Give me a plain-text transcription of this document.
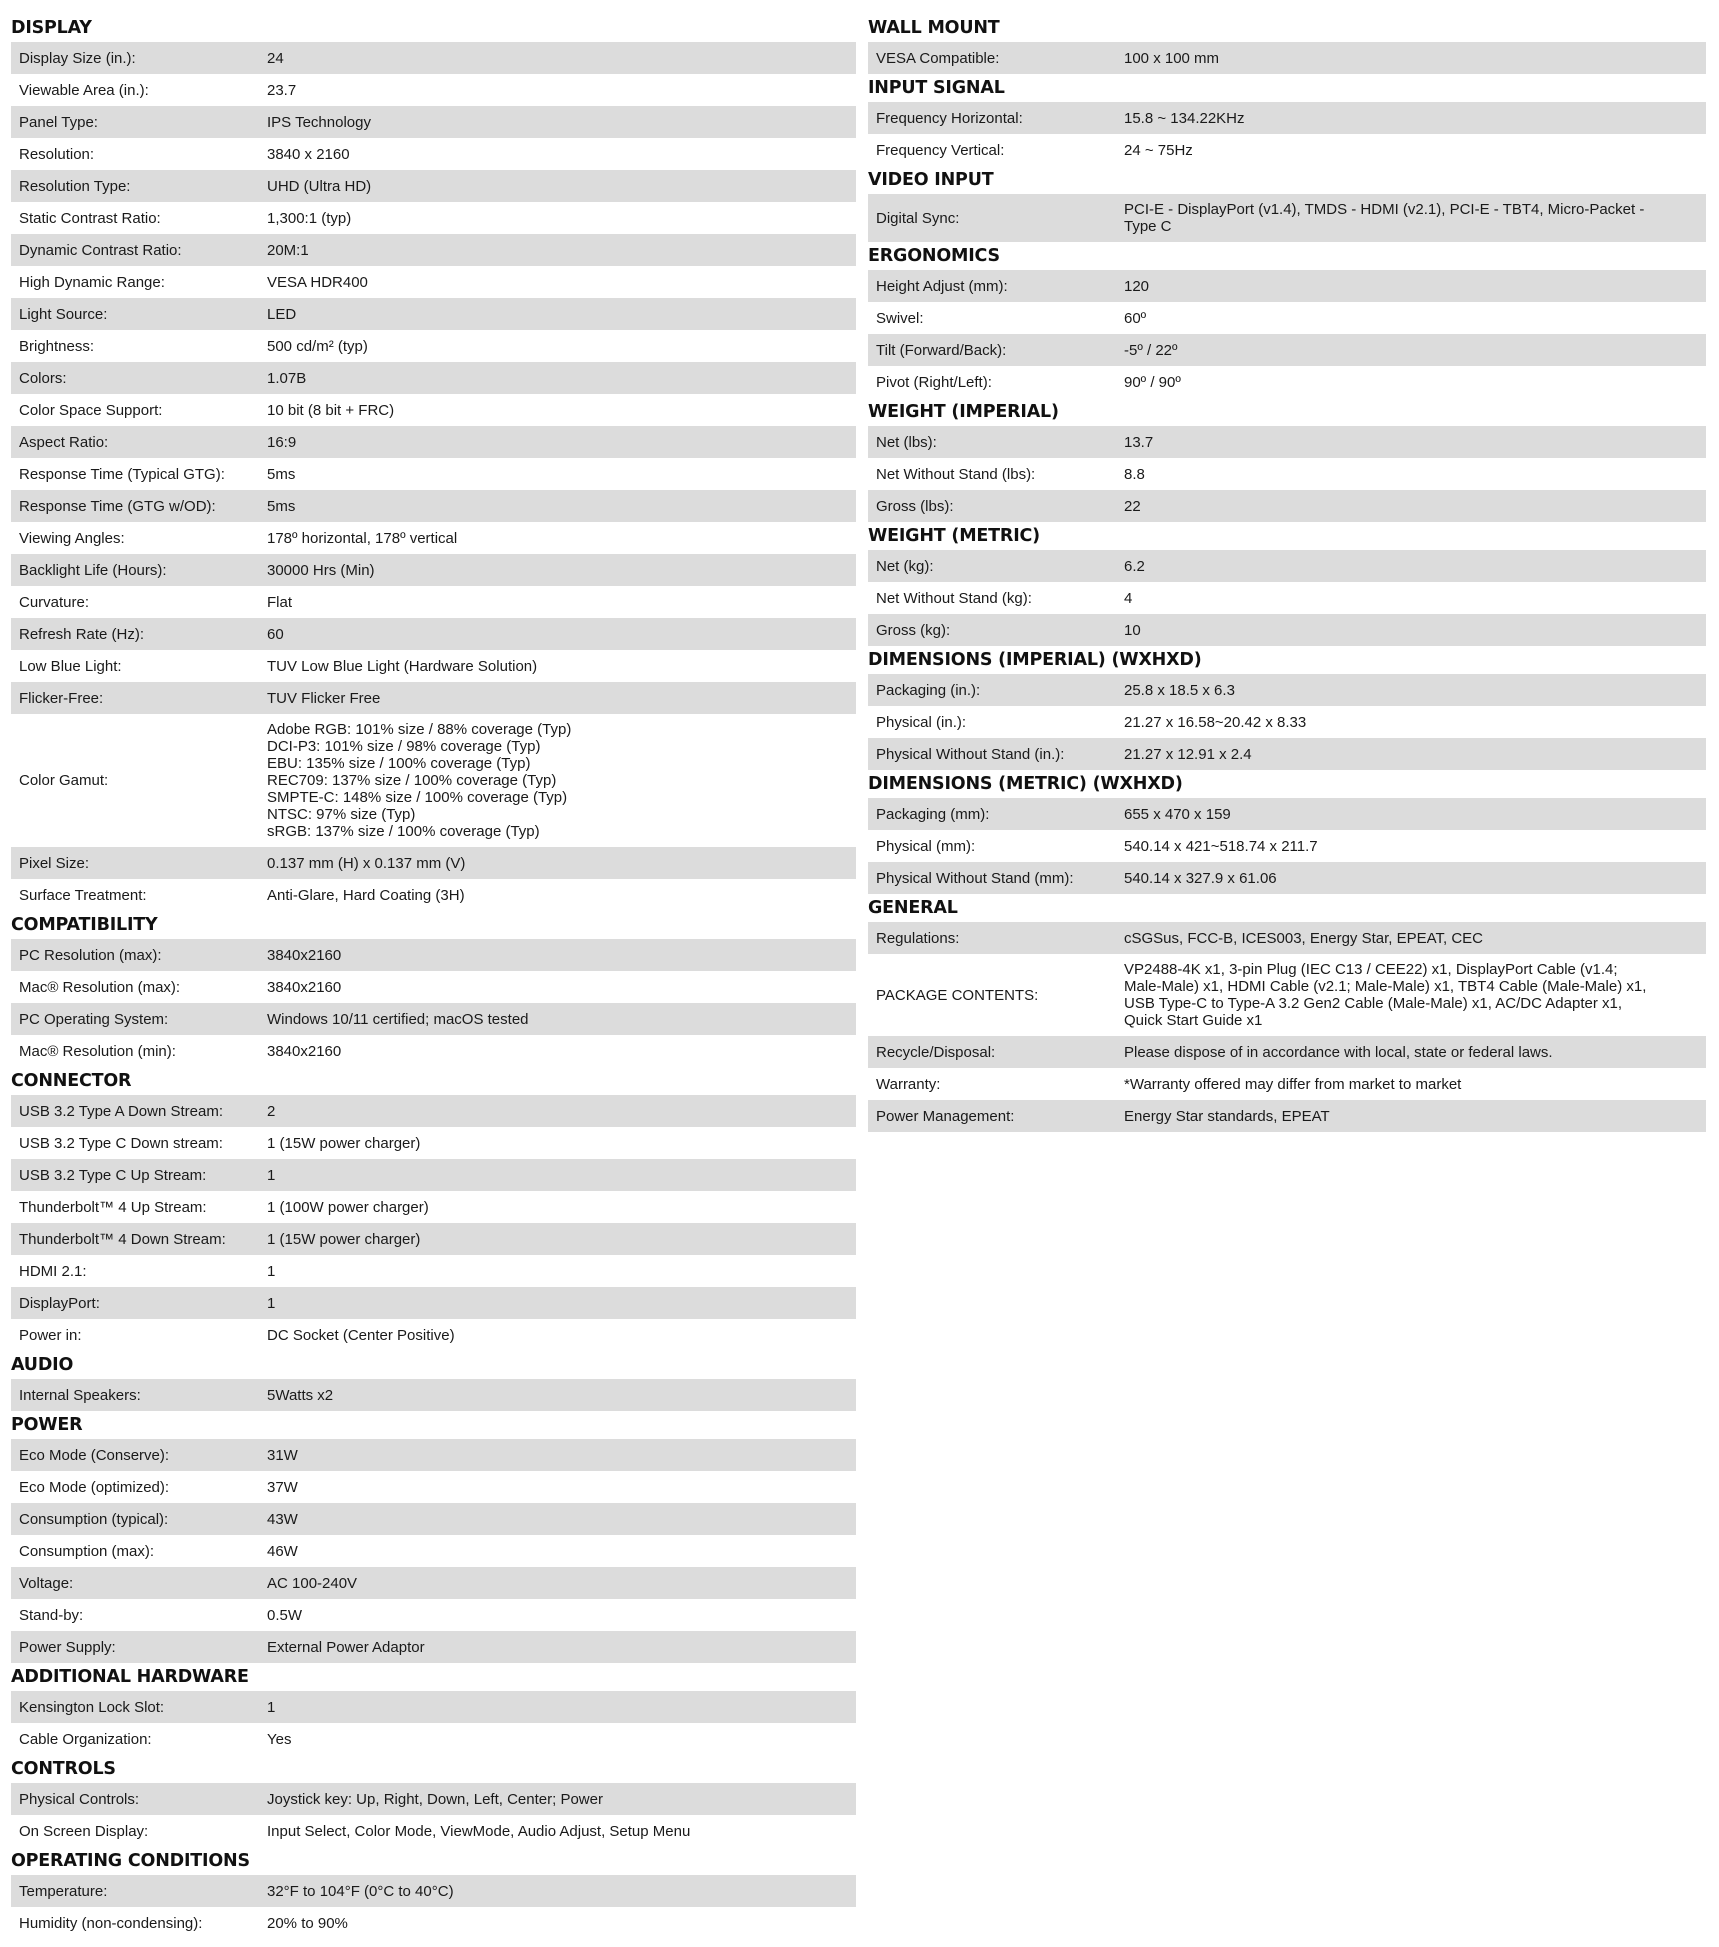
DISPLAY
Display Size (in.):	24
Viewable Area (in.):	23.7
Panel Type:	IPS Technology
Resolution:	3840 x 2160
Resolution Type:	UHD (Ultra HD)
Static Contrast Ratio:	1,300:1 (typ)
Dynamic Contrast Ratio:	20M:1
High Dynamic Range:	VESA HDR400
Light Source:	LED
Brightness:	500 cd/m² (typ)
Colors:	1.07B
Color Space Support:	10 bit (8 bit + FRC)
Aspect Ratio:	16:9
Response Time (Typical GTG):	5ms
Response Time (GTG w/OD):	5ms
Viewing Angles:	178º horizontal, 178º vertical
Backlight Life (Hours):	30000 Hrs (Min)
Curvature:	Flat
Refresh Rate (Hz):	60
Low Blue Light:	TUV Low Blue Light (Hardware Solution)
Flicker-Free:	TUV Flicker Free
Color Gamut:
Adobe RGB: 101% size / 88% coverage (Typ)
DCI-P3: 101% size / 98% coverage (Typ)
EBU: 135% size / 100% coverage (Typ)
REC709: 137% size / 100% coverage (Typ)
SMPTE-C: 148% size / 100% coverage (Typ)
NTSC: 97% size (Typ)
sRGB: 137% size / 100% coverage (Typ)
Pixel Size:	0.137 mm (H) x 0.137 mm (V)
Surface Treatment:	Anti-Glare, Hard Coating (3H)
COMPATIBILITY
PC Resolution (max):	3840x2160
Mac® Resolution (max):	3840x2160
PC Operating System:	Windows 10/11 certified; macOS tested
Mac® Resolution (min):	3840x2160
CONNECTOR
USB 3.2 Type A Down Stream:	2
USB 3.2 Type C Down stream:	1 (15W power charger)
USB 3.2 Type C Up Stream:	1
Thunderbolt™ 4 Up Stream:	1 (100W power charger)
Thunderbolt™ 4 Down Stream:	1 (15W power charger)
HDMI 2.1:	1
DisplayPort:	1
Power in:	DC Socket (Center Positive)
AUDIO
Internal Speakers:	5Watts x2
POWER
Eco Mode (Conserve):	31W
Eco Mode (optimized):	37W
Consumption (typical):	43W
Consumption (max):	46W
Voltage:	AC 100-240V
Stand-by:	0.5W
Power Supply:	External Power Adaptor
ADDITIONAL HARDWARE
Kensington Lock Slot:	1
Cable Organization:	Yes
CONTROLS
Physical Controls:	Joystick key: Up, Right, Down, Left, Center; Power
On Screen Display:	Input Select, Color Mode, ViewMode, Audio Adjust, Setup Menu
OPERATING CONDITIONS
Temperature:	32°F to 104°F (0°C to 40°C)
Humidity (non-condensing):	20% to 90%
WALL MOUNT
VESA Compatible:	100 x 100 mm
INPUT SIGNAL
Frequency Horizontal:	15.8 ~ 134.22KHz
Frequency Vertical:	24 ~ 75Hz
VIDEO INPUT
Digital Sync:	PCI-E - DisplayPort (v1.4), TMDS - HDMI (v2.1), PCI-E - TBT4, Micro-Packet -
Type C
ERGONOMICS
Height Adjust (mm):	120
Swivel:	60º
Tilt (Forward/Back):	-5º / 22º
Pivot (Right/Left):	90º / 90º
WEIGHT (IMPERIAL)
Net (lbs):	13.7
Net Without Stand (lbs):	8.8
Gross (lbs):	22
WEIGHT (METRIC)
Net (kg):	6.2
Net Without Stand (kg):	4
Gross (kg):	10
DIMENSIONS (IMPERIAL) (WXHXD)
Packaging (in.):	25.8 x 18.5 x 6.3
Physical (in.):	21.27 x 16.58~20.42 x 8.33
Physical Without Stand (in.):	21.27 x 12.91 x 2.4
DIMENSIONS (METRIC) (WXHXD)
Packaging (mm):	655 x 470 x 159
Physical (mm):	540.14 x 421~518.74 x 211.7
Physical Without Stand (mm):	540.14 x 327.9 x 61.06
GENERAL
Regulations:	cSGSus, FCC-B, ICES003, Energy Star, EPEAT, CEC
PACKAGE CONTENTS:
VP2488-4K x1, 3-pin Plug (IEC C13 / CEE22) x1, DisplayPort Cable (v1.4;
Male-Male) x1, HDMI Cable (v2.1; Male-Male) x1, TBT4 Cable (Male-Male) x1,
USB Type-C to Type-A 3.2 Gen2 Cable (Male-Male) x1, AC/DC Adapter x1,
Quick Start Guide x1
Recycle/Disposal:	Please dispose of in accordance with local, state or federal laws.
Warranty:	*Warranty offered may differ from market to market
Power Management:	Energy Star standards, EPEAT
